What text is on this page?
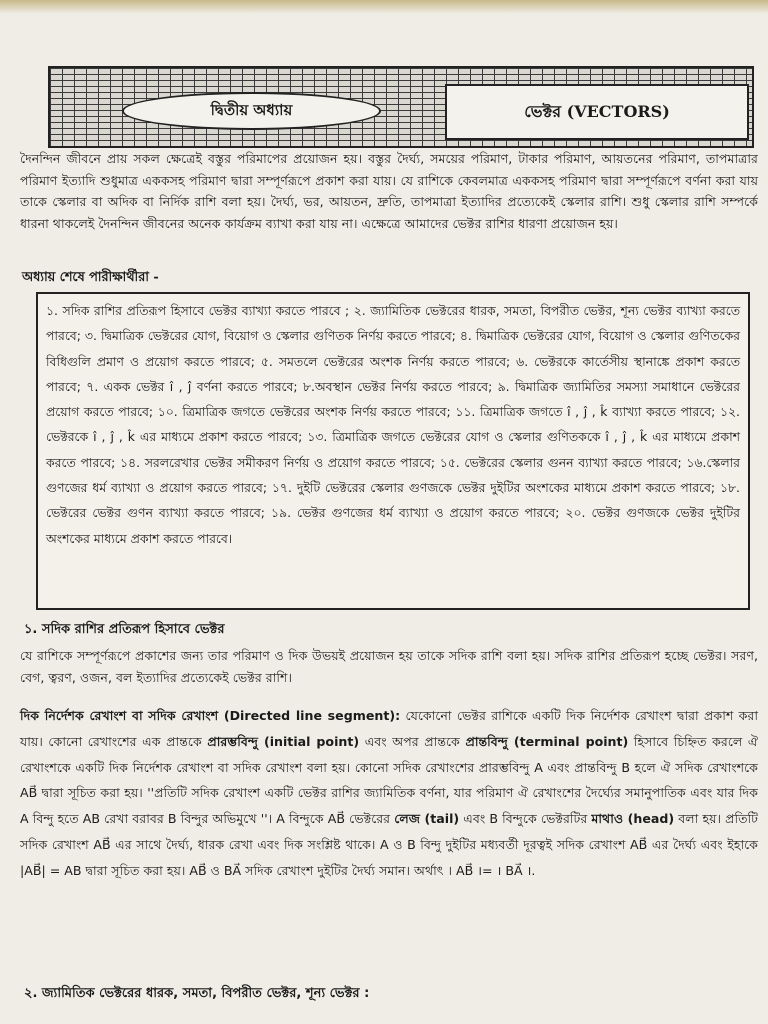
দ্বিতীয় অধ্যায়	ভেক্টর (VECTORS)
দৈনন্দিন জীবনে প্রায় সকল ক্ষেত্রেই বস্তুর পরিমাপের প্রয়োজন হয়। বস্তুর দৈর্ঘ্য, সময়ের পরিমাণ, টাকার পরিমাণ, আয়তনের পরিমাণ, তাপমাত্রার পরিমাণ ইত্যাদি শুধুমাত্র এককসহ পরিমাণ দ্বারা সম্পূর্ণরূপে প্রকাশ করা যায়। যে রাশিকে কেবলমাত্র এককসহ পরিমাণ দ্বারা সম্পূর্ণরূপে বর্ণনা করা যায় তাকে স্কেলার বা অদিক বা নির্দিক রাশি বলা হয়। দৈর্ঘ্য, ভর, আয়তন, দ্রুতি, তাপমাত্রা ইত্যাদির প্রত্যেকেই স্কেলার রাশি। শুধু স্কেলার রাশি সম্পর্কে ধারনা থাকলেই দৈনন্দিন জীবনের অনেক কার্যক্রম ব্যাখা করা যায় না। এক্ষেত্রে আমাদের ভেক্টর রাশির ধারণা প্রয়োজন হয়।
অধ্যায় শেষে পারীক্ষার্থীরা -
১. সদিক রাশির প্রতিরূপ হিসাবে ভেক্টর ব্যাখ্যা করতে পারবে ; ২. জ্যামিতিক ভেক্টরের ধারক, সমতা, বিপরীত ভেক্টর, শূন্য ভেক্টর ব্যাখ্যা করতে পারবে; ৩. দ্বিমাত্রিক ভেক্টরের যোগ, বিয়োগ ও স্কেলার গুণিতক নির্ণয় করতে পারবে; ৪. দ্বিমাত্রিক ভেক্টরের যোগ, বিয়োগ ও স্কেলার গুণিতকের বিধিগুলি প্রমাণ ও প্রয়োগ করতে পারবে; ৫. সমতলে ভেক্টরের অংশক নির্ণয় করতে পারবে; ৬. ভেক্টরকে কার্তেসীয় স্থানাঙ্কে প্রকাশ করতে পারবে; ৭. একক ভেক্টর î , ĵ বর্ণনা করতে পারবে; ৮.অবস্থান ভেক্টর নির্ণয় করতে পারবে; ৯. দ্বিমাত্রিক জ্যামিতির সমস্যা সমাধানে ভেক্টরের প্রয়োগ করতে পারবে; ১০. ত্রিমাত্রিক জগতে ভেক্টরের অংশক নির্ণয় করতে পারবে; ১১. ত্রিমাত্রিক জগতে î , ĵ , k̂ ব্যাখ্যা করতে পারবে; ১২. ভেক্টরকে î , ĵ , k̂ এর মাধ্যমে প্রকাশ করতে পারবে; ১৩. ত্রিমাত্রিক জগতে ভেক্টরের যোগ ও স্কেলার গুণিতককে î , ĵ , k̂ এর মাধ্যমে প্রকাশ করতে পারবে; ১৪. সরলরেখার ভেক্টর সমীকরণ নির্ণয় ও প্রয়োগ করতে পারবে; ১৫. ভেক্টরের স্কেলার গুনন ব্যাখ্যা করতে পারবে; ১৬.স্কেলার গুণজের ধর্ম ব্যাখ্যা ও প্রয়োগ করতে পারবে; ১৭. দুইটি ভেক্টরের স্কেলার গুণজকে ভেক্টর দুইটির অংশকের মাধ্যমে প্রকাশ করতে পারবে; ১৮. ভেক্টরের ভেক্টর গুণন ব্যাখ্যা করতে পারবে; ১৯. ভেক্টর গুণজের ধর্ম ব্যাখ্যা ও প্রয়োগ করতে পারবে; ২০. ভেক্টর গুণজকে ভেক্টর দুইটির অংশকের মাধ্যমে প্রকাশ করতে পারবে।
১. সদিক রাশির প্রতিরূপ হিসাবে ভেক্টর
যে রাশিকে সম্পূর্ণরূপে প্রকাশের জন্য তার পরিমাণ ও দিক উভয়ই প্রয়োজন হয় তাকে সদিক রাশি বলা হয়। সদিক রাশির প্রতিরূপ হচ্ছে ভেক্টর। সরণ, বেগ, ত্বরণ, ওজন, বল ইত্যাদির প্রত্যেকেই ভেক্টর রাশি।
দিক নির্দেশক রেখাংশ বা সদিক রেখাংশ (Directed line segment): যেকোনো ভেক্টর রাশিকে একটি দিক নির্দেশক রেখাংশ দ্বারা প্রকাশ করা যায়। কোনো রেখাংশের এক প্রান্তকে প্রারম্ভবিন্দু (initial point) এবং অপর প্রান্তকে প্রান্তবিন্দু (terminal point) হিসাবে চিহ্নিত করলে ঐ রেখাংশকে একটি দিক নির্দেশক রেখাংশ বা সদিক রেখাংশ বলা হয়। কোনো সদিক রেখাংশের প্রারম্ভবিন্দু A এবং প্রান্তবিন্দু B হলে ঐ সদিক রেখাংশকে AB⃗ দ্বারা সূচিত করা হয়। ''প্রতিটি সদিক রেখাংশ একটি ভেক্টর রাশির জ্যামিতিক বর্ণনা, যার পরিমাণ ঐ রেখাংশের দৈর্ঘ্যের সমানুপাতিক এবং যার দিক A বিন্দু হতে AB রেখা বরাবর B বিন্দুর অভিমুখে ''। A বিন্দুকে AB⃗ ভেক্টরের লেজ (tail) এবং B বিন্দুকে ভেক্টরটির মাথাও (head) বলা হয়। প্রতিটি সদিক রেখাংশ AB⃗ এর সাথে দৈর্ঘ্য, ধারক রেখা এবং দিক সংশ্লিষ্ট থাকে। A ও B বিন্দু দুইটির মধ্যবর্তী দূরত্বই সদিক রেখাংশ AB⃗ এর দৈর্ঘ্য এবং ইহাকে |AB⃗| = AB দ্বারা সূচিত করা হয়। AB⃗ ও BA⃗ সদিক রেখাংশ দুইটির দৈর্ঘ্য সমান। অর্থাৎ । AB⃗ ।= । BA⃗ ।.
২. জ্যামিতিক ভেক্টরের ধারক, সমতা, বিপরীত ভেক্টর, শূন্য ভেক্টর :
